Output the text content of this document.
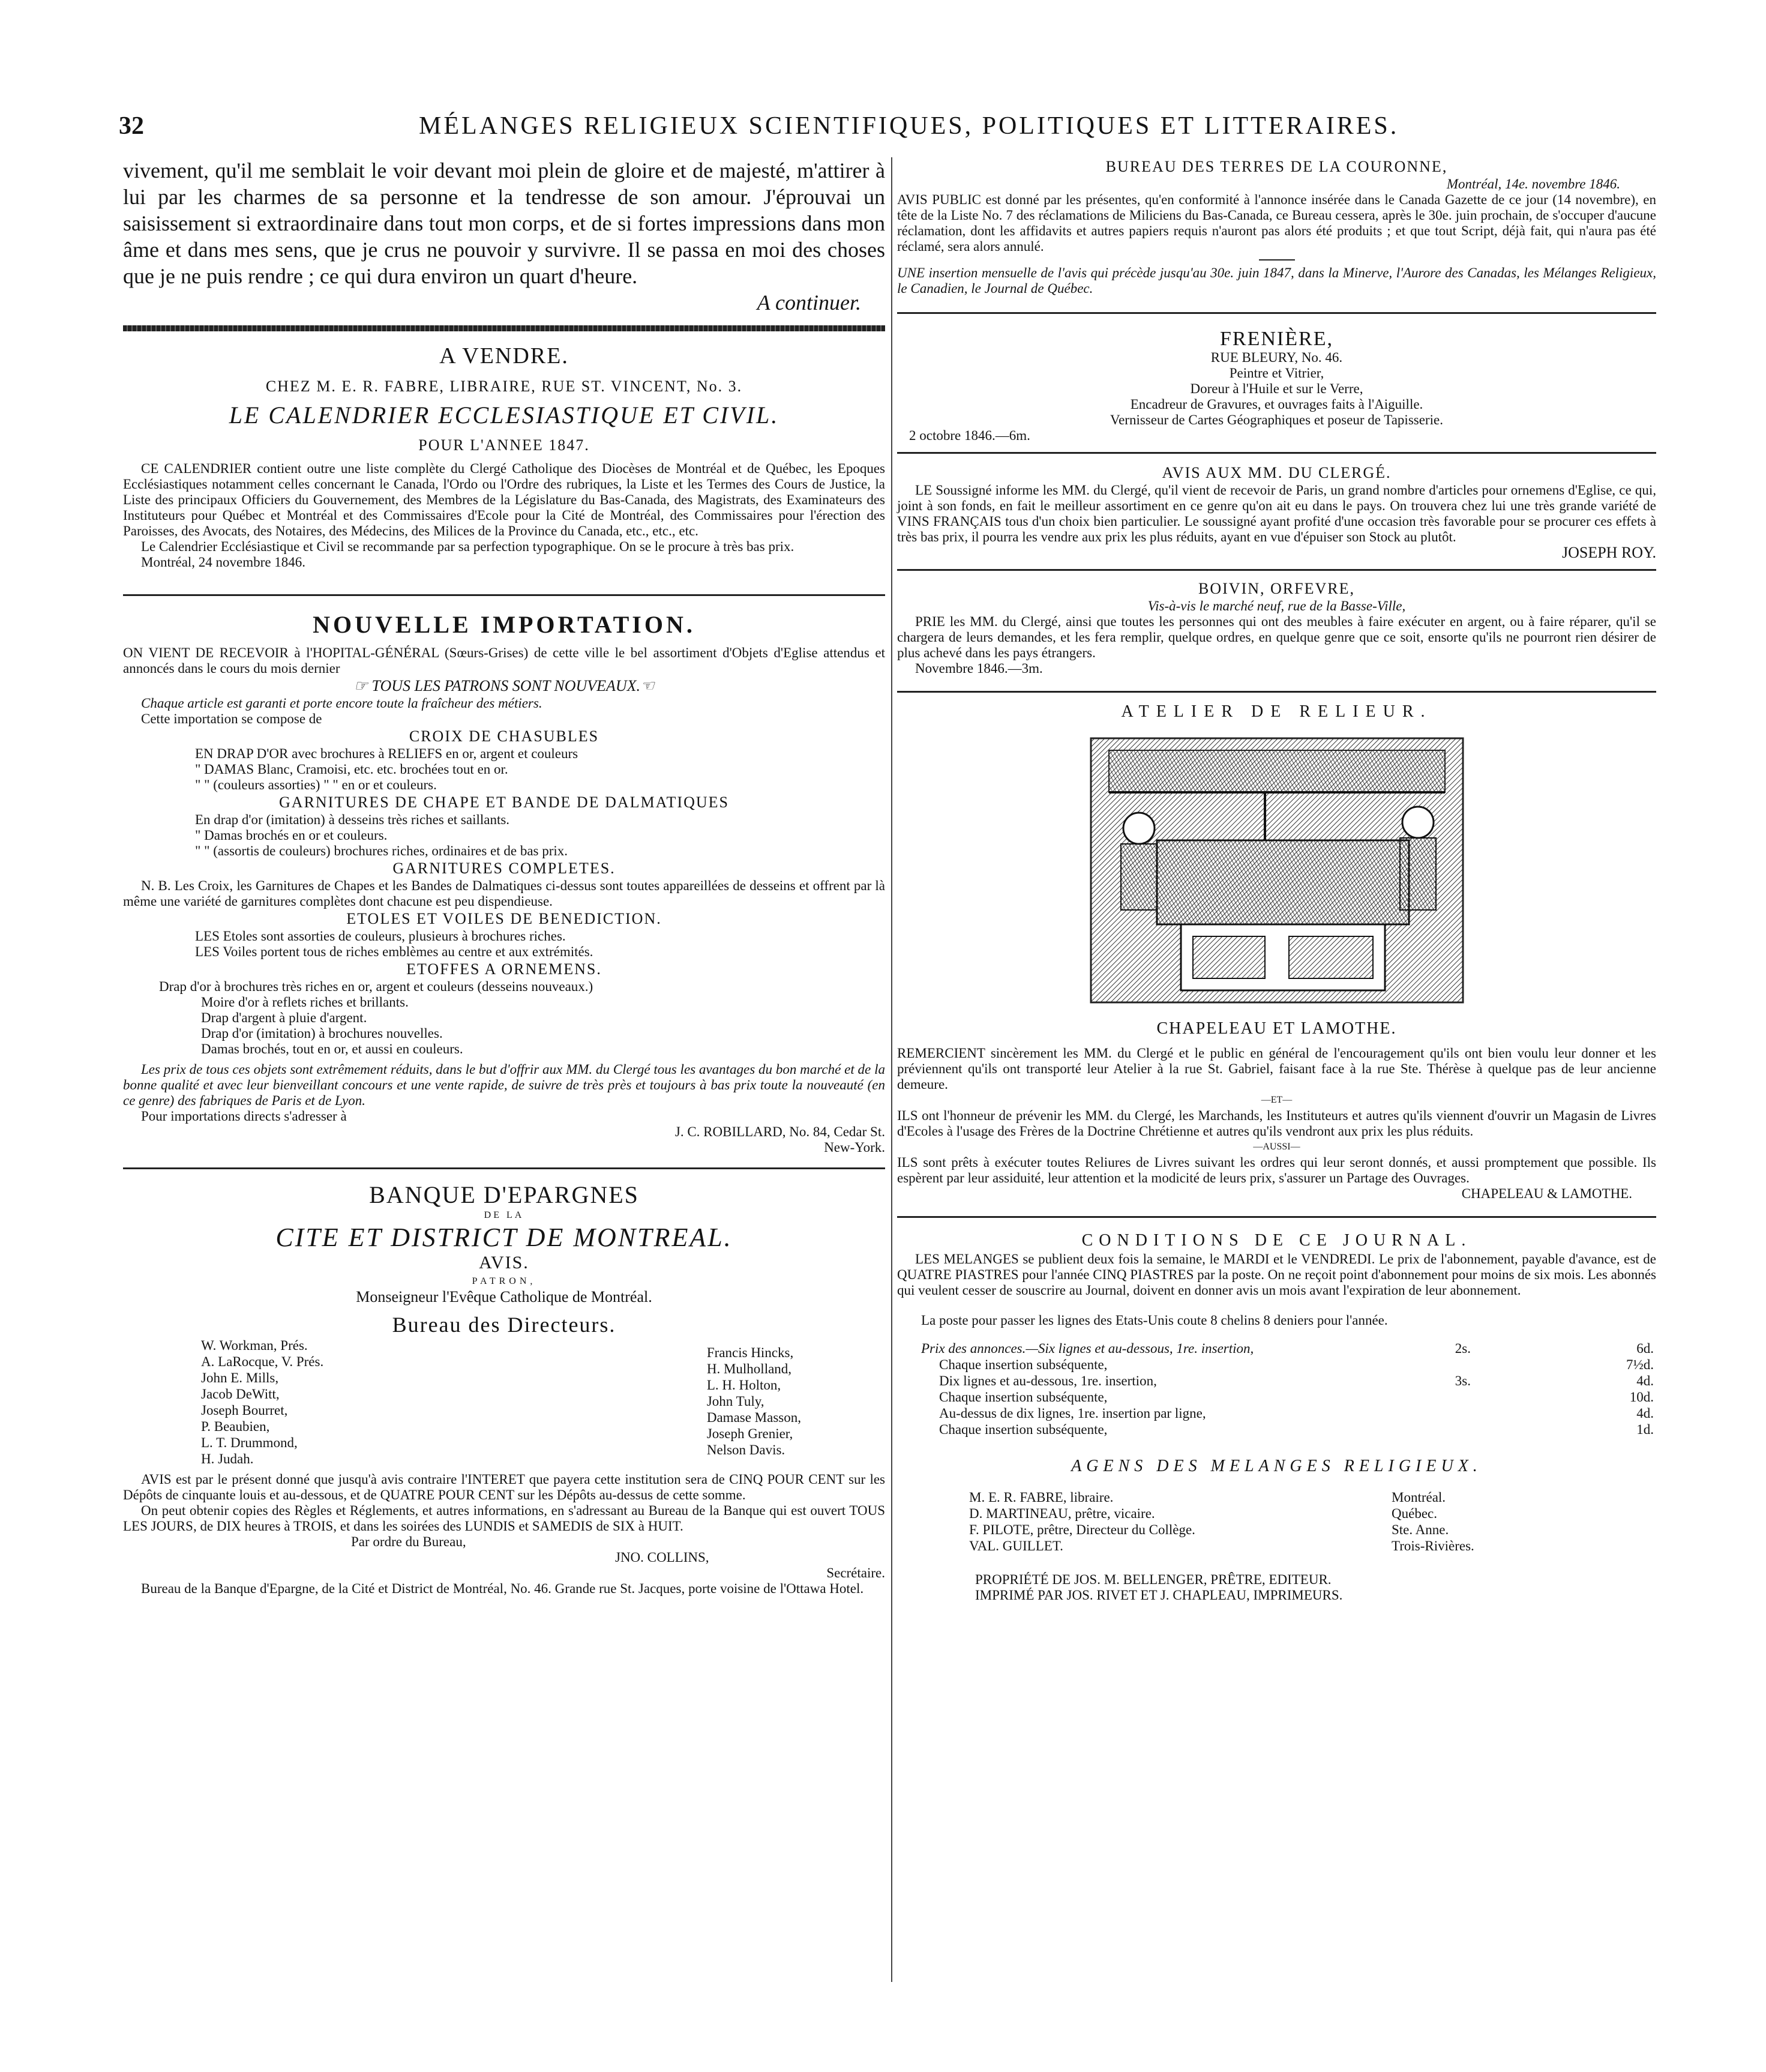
32	MÉLANGES RELIGIEUX SCIENTIFIQUES, POLITIQUES ET LITTERAIRES.

vivement, qu'il me semblait le voir devant moi plein de gloire et de majesté, m'attirer à lui par les charmes de sa personne et la tendresse de son amour. J'éprouvai un saisissement si extraordinaire dans tout mon corps, et de si fortes impressions dans mon âme et dans mes sens, que je crus ne pouvoir y survivre. Il se passa en moi des choses que je ne puis rendre ; ce qui dura environ un quart d'heure.

A continuer.

A VENDRE.
CHEZ M. E. R. FABRE, LIBRAIRE, RUE ST. VINCENT, No. 3.
LE CALENDRIER ECCLESIASTIQUE ET CIVIL.
POUR L'ANNEE 1847.

CE CALENDRIER contient outre une liste complète du Clergé Catholique des Diocèses de Montréal et de Québec, les Epoques Ecclésiastiques notamment celles concernant le Canada, l'Ordo ou l'Ordre des rubriques, la Liste et les Termes des Cours de Justice, la Liste des principaux Officiers du Gouvernement, des Membres de la Législature du Bas-Canada, des Magistrats, des Examinateurs des Instituteurs pour Québec et Montréal et des Commissaires d'Ecole pour la Cité de Montréal, des Commissaires pour l'érection des Paroisses, des Avocats, des Notaires, des Médecins, des Milices de la Province du Canada, etc., etc., etc.

Le Calendrier Ecclésiastique et Civil se recommande par sa perfection typographique. On se le procure à très bas prix.

Montréal, 24 novembre 1846.

NOUVELLE IMPORTATION.

ON VIENT DE RECEVOIR à l'HOPITAL-GÉNÉRAL (Sœurs-Grises) de cette ville le bel assortiment d'Objets d'Eglise attendus et annoncés dans le cours du mois dernier

☞ TOUS LES PATRONS SONT NOUVEAUX.☜

Chaque article est garanti et porte encore toute la fraîcheur des métiers.

Cette importation se compose de

CROIX DE CHASUBLES

EN DRAP D'OR avec brochures à RELIEFS en or, argent et couleurs

" DAMAS Blanc, Cramoisi, etc. etc. brochées tout en or.

" " (couleurs assorties) " " en or et couleurs.

GARNITURES DE CHAPE ET BANDE DE DALMATIQUES

En drap d'or (imitation) à desseins très riches et saillants.

" Damas brochés en or et couleurs.

" " (assortis de couleurs) brochures riches, ordinaires et de bas prix.

GARNITURES COMPLETES.

N. B. Les Croix, les Garnitures de Chapes et les Bandes de Dalmatiques ci-dessus sont toutes appareillées de desseins et offrent par là même une variété de garnitures complètes dont chacune est peu dispendieuse.

ETOLES ET VOILES DE BENEDICTION.

LES Etoles sont assorties de couleurs, plusieurs à brochures riches.

LES Voiles portent tous de riches emblèmes au centre et aux extrémités.

ETOFFES A ORNEMENS.

Drap d'or à brochures très riches en or, argent et couleurs (desseins nouveaux.)

Moire d'or à reflets riches et brillants.

Drap d'argent à pluie d'argent.

Drap d'or (imitation) à brochures nouvelles.

Damas brochés, tout en or, et aussi en couleurs.

Les prix de tous ces objets sont extrêmement réduits, dans le but d'offrir aux MM. du Clergé tous les avantages du bon marché et de la bonne qualité et avec leur bienveillant concours et une vente rapide, de suivre de très près et toujours à bas prix toute la nouveauté (en ce genre) des fabriques de Paris et de Lyon.

Pour importations directs s'adresser à

J. C. ROBILLARD, No. 84, Cedar St.

New-York.

BANQUE D'EPARGNES
DE LA
CITE ET DISTRICT DE MONTREAL.
AVIS.
PATRON,
Monseigneur l'Evêque Catholique de Montréal.
Bureau des Directeurs.
W. Workman, Prés.
A. LaRocque, V. Prés.
John E. Mills,
Jacob DeWitt,
Joseph Bourret,
P. Beaubien,
L. T. Drummond,
H. Judah.
Francis Hincks,
H. Mulholland,
L. H. Holton,
John Tuly,
Damase Masson,
Joseph Grenier,
Nelson Davis.

AVIS est par le présent donné que jusqu'à avis contraire l'INTERET que payera cette institution sera de CINQ POUR CENT sur les Dépôts de cinquante louis et au-dessous, et de QUATRE POUR CENT sur les Dépôts au-dessus de cette somme.

On peut obtenir copies des Règles et Réglements, et autres informations, en s'adressant au Bureau de la Banque qui est ouvert TOUS LES JOURS, de DIX heures à TROIS, et dans les soirées des LUNDIS et SAMEDIS de SIX à HUIT.

Par ordre du Bureau,

JNO. COLLINS,

Secrétaire.

Bureau de la Banque d'Epargne, de la Cité et District de Montréal, No. 46. Grande rue St. Jacques, porte voisine de l'Ottawa Hotel.

BUREAU DES TERRES DE LA COURONNE,

Montréal, 14e. novembre 1846.

AVIS PUBLIC est donné par les présentes, qu'en conformité à l'annonce insérée dans le Canada Gazette de ce jour (14 novembre), en tête de la Liste No. 7 des réclamations de Miliciens du Bas-Canada, ce Bureau cessera, après le 30e. juin prochain, de s'occuper d'aucune réclamation, dont les affidavits et autres papiers requis n'auront pas alors été produits ; et que tout Script, déjà fait, qui n'aura pas été réclamé, sera alors annulé.

UNE insertion mensuelle de l'avis qui précède jusqu'au 30e. juin 1847, dans la Minerve, l'Aurore des Canadas, les Mélanges Religieux, le Canadien, le Journal de Québec.

FRENIÈRE,
RUE BLEURY, No. 46.
Peintre et Vitrier,
Doreur à l'Huile et sur le Verre,
Encadreur de Gravures, et ouvrages faits à l'Aiguille.
Vernisseur de Cartes Géographiques et poseur de Tapisserie.

2 octobre 1846.—6m.

AVIS AUX MM. DU CLERGÉ.

LE Soussigné informe les MM. du Clergé, qu'il vient de recevoir de Paris, un grand nombre d'articles pour ornemens d'Eglise, ce qui, joint à son fonds, en fait le meilleur assortiment en ce genre qu'on ait eu dans le pays. On trouvera chez lui une très grande variété de VINS FRANÇAIS tous d'un choix bien particulier. Le soussigné ayant profité d'une occasion très favorable pour se procurer ces effets à très bas prix, il pourra les vendre aux prix les plus réduits, ayant en vue d'épuiser son Stock au plutôt.

JOSEPH ROY.

BOIVIN, ORFEVRE,
Vis-à-vis le marché neuf, rue de la Basse-Ville,

PRIE les MM. du Clergé, ainsi que toutes les personnes qui ont des meubles à faire exécuter en argent, ou à faire réparer, qu'il se chargera de leurs demandes, et les fera remplir, quelque ordres, en quelque genre que ce soit, ensorte qu'ils ne pourront rien désirer de plus achevé dans les pays étrangers.

Novembre 1846.—3m.

ATELIER DE RELIEUR.
CHAPELEAU ET LAMOTHE.

REMERCIENT sincèrement les MM. du Clergé et le public en général de l'encouragement qu'ils ont bien voulu leur donner et les préviennent qu'ils ont transporté leur Atelier à la rue St. Gabriel, faisant face à la rue Ste. Thérèse à quelque pas de leur ancienne demeure.

—ET—

ILS ont l'honneur de prévenir les MM. du Clergé, les Marchands, les Instituteurs et autres qu'ils viennent d'ouvrir un Magasin de Livres d'Ecoles à l'usage des Frères de la Doctrine Chrétienne et autres qu'ils vendront aux prix les plus réduits.

—AUSSI—

ILS sont prêts à exécuter toutes Reliures de Livres suivant les ordres qui leur seront donnés, et aussi promptement que possible. Ils espèrent par leur assiduité, leur attention et la modicité de leurs prix, s'assurer un Partage des Ouvrages.

CHAPELEAU & LAMOTHE.

CONDITIONS DE CE JOURNAL.

LES MELANGES se publient deux fois la semaine, le MARDI et le VENDREDI. Le prix de l'abonnement, payable d'avance, est de QUATRE PIASTRES pour l'année CINQ PIASTRES par la poste. On ne reçoit point d'abonnement pour moins de six mois. Les abonnés qui veulent cesser de souscrire au Journal, doivent en donner avis un mois avant l'expiration de leur abonnement.

La poste pour passer les lignes des Etats-Unis coute 8 chelins 8 deniers pour l'année.

Prix des annonces.—Six lignes et au-dessous, 1re. insertion,	2s.	6d.
Chaque insertion subséquente,		7½d.
Dix lignes et au-dessous, 1re. insertion,	3s.	4d.
Chaque insertion subséquente,		10d.
Au-dessus de dix lignes, 1re. insertion par ligne,		4d.
Chaque insertion subséquente,		1d.
AGENS DES MELANGES RELIGIEUX.
M. E. R. FABRE, libraire.	Montréal.
D. MARTINEAU, prêtre, vicaire.	Québec.
F. PILOTE, prêtre, Directeur du Collège.	Ste. Anne.
VAL. GUILLET.	Trois-Rivières.

PROPRIÉTÉ DE JOS. M. BELLENGER, PRÊTRE, EDITEUR.

IMPRIMÉ PAR JOS. RIVET ET J. CHAPLEAU, IMPRIMEURS.
